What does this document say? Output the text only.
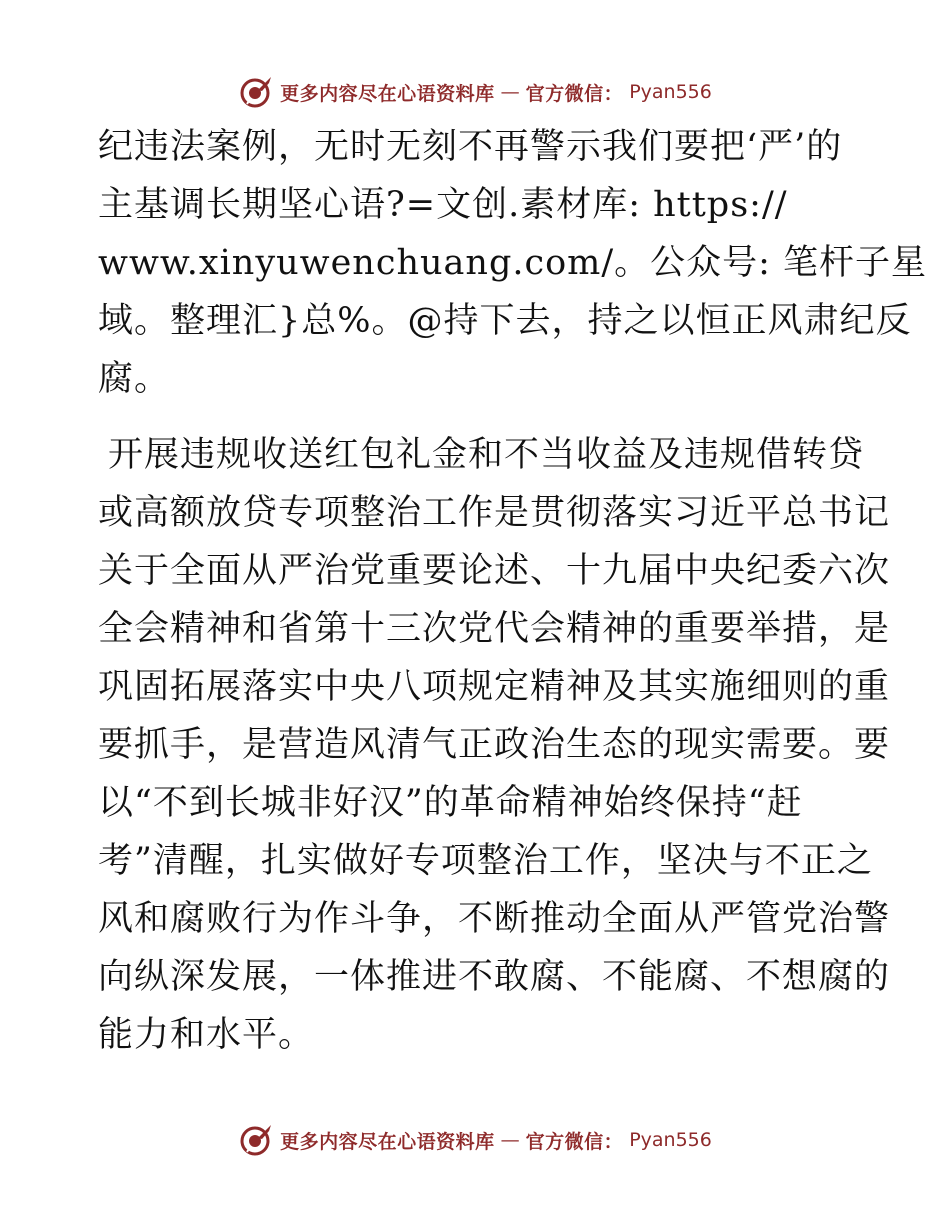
更多内容尽在心语资料库 — 官方微信： Pyan556
纪违法案例，无时无刻不再警示我们要把‘严’的
主基调长期坚心语?=文创.素材库: https://
www.xinyuwenchuang.com/。公众号: 笔杆子星
域。整理汇}总%。@持下去，持之以恒正风肃纪反
腐。
开展违规收送红包礼金和不当收益及违规借转贷
或高额放贷专项整治工作是贯彻落实习近平总书记
关于全面从严治党重要论述、十九届中央纪委六次
全会精神和省第十三次党代会精神的重要举措，是
巩固拓展落实中央八项规定精神及其实施细则的重
要抓手，是营造风清气正政治生态的现实需要。要
以“不到长城非好汉”的革命精神始终保持“赶
考”清醒，扎实做好专项整治工作，坚决与不正之
风和腐败行为作斗争，不断推动全面从严管党治警
向纵深发展，一体推进不敢腐、不能腐、不想腐的
能力和水平。
更多内容尽在心语资料库 — 官方微信： Pyan556
